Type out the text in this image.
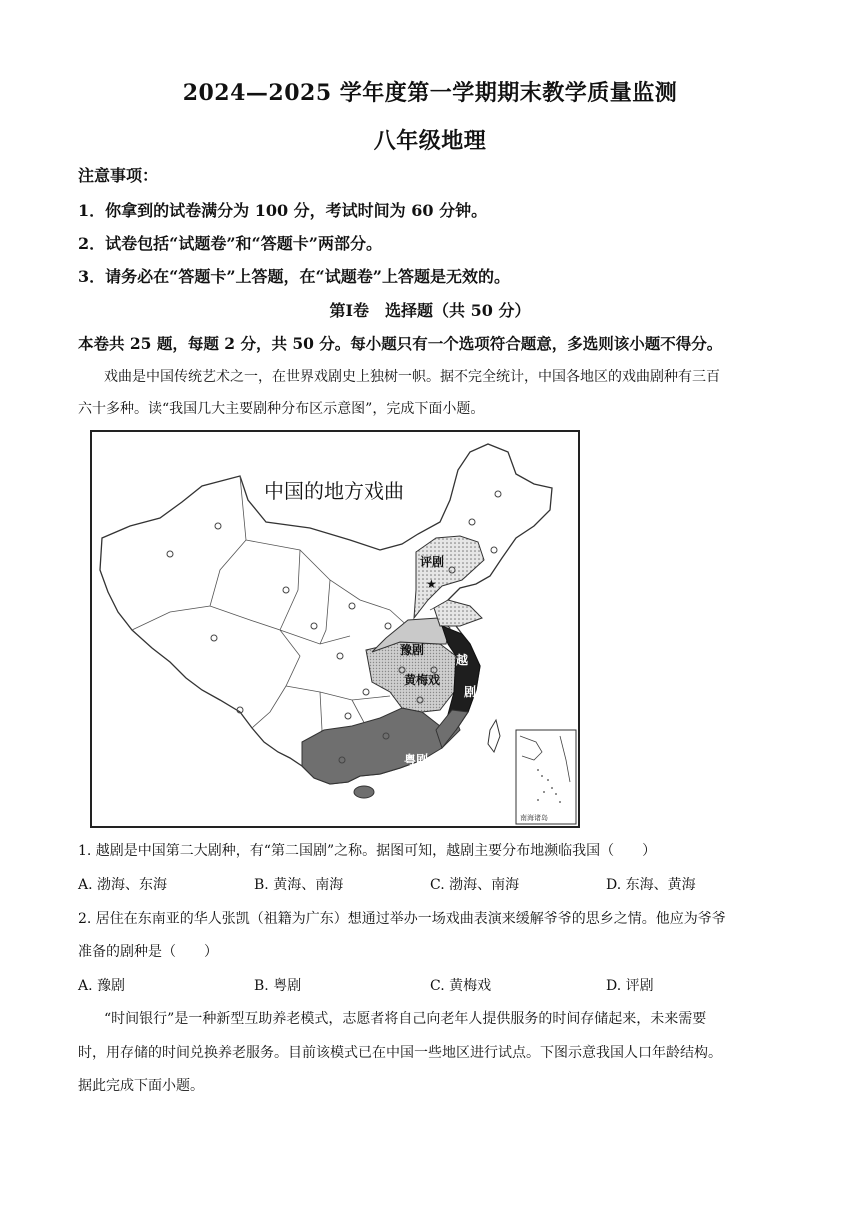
2024—2025 学年度第一学期期末教学质量监测
八年级地理
注意事项：
1．你拿到的试卷满分为 100 分，考试时间为 60 分钟。
2．试卷包括“试题卷”和“答题卡”两部分。
3．请务必在“答题卡”上答题，在“试题卷”上答题是无效的。
第Ⅰ卷　选择题（共 50 分）
本卷共 25 题，每题 2 分，共 50 分。每小题只有一个选项符合题意，多选则该小题不得分。
戏曲是中国传统艺术之一，在世界戏剧史上独树一帜。据不完全统计，中国各地区的戏曲剧种有三百
六十多种。读“我国几大主要剧种分布区示意图”，完成下面小题。
★
中国的地方戏曲
评剧
豫剧
黄梅戏
越
剧
粤剧
南海诸岛
1. 越剧是中国第二大剧种，有“第二国剧”之称。据图可知，越剧主要分布地濒临我国（　　）
A. 渤海、东海	B. 黄海、南海	C. 渤海、南海	D. 东海、黄海
2. 居住在东南亚的华人张凯（祖籍为广东）想通过举办一场戏曲表演来缓解爷爷的思乡之情。他应为爷爷
准备的剧种是（　　）
A. 豫剧	B. 粤剧	C. 黄梅戏	D. 评剧
“时间银行”是一种新型互助养老模式，志愿者将自己向老年人提供服务的时间存储起来，未来需要
时，用存储的时间兑换养老服务。目前该模式已在中国一些地区进行试点。下图示意我国人口年龄结构。
据此完成下面小题。
